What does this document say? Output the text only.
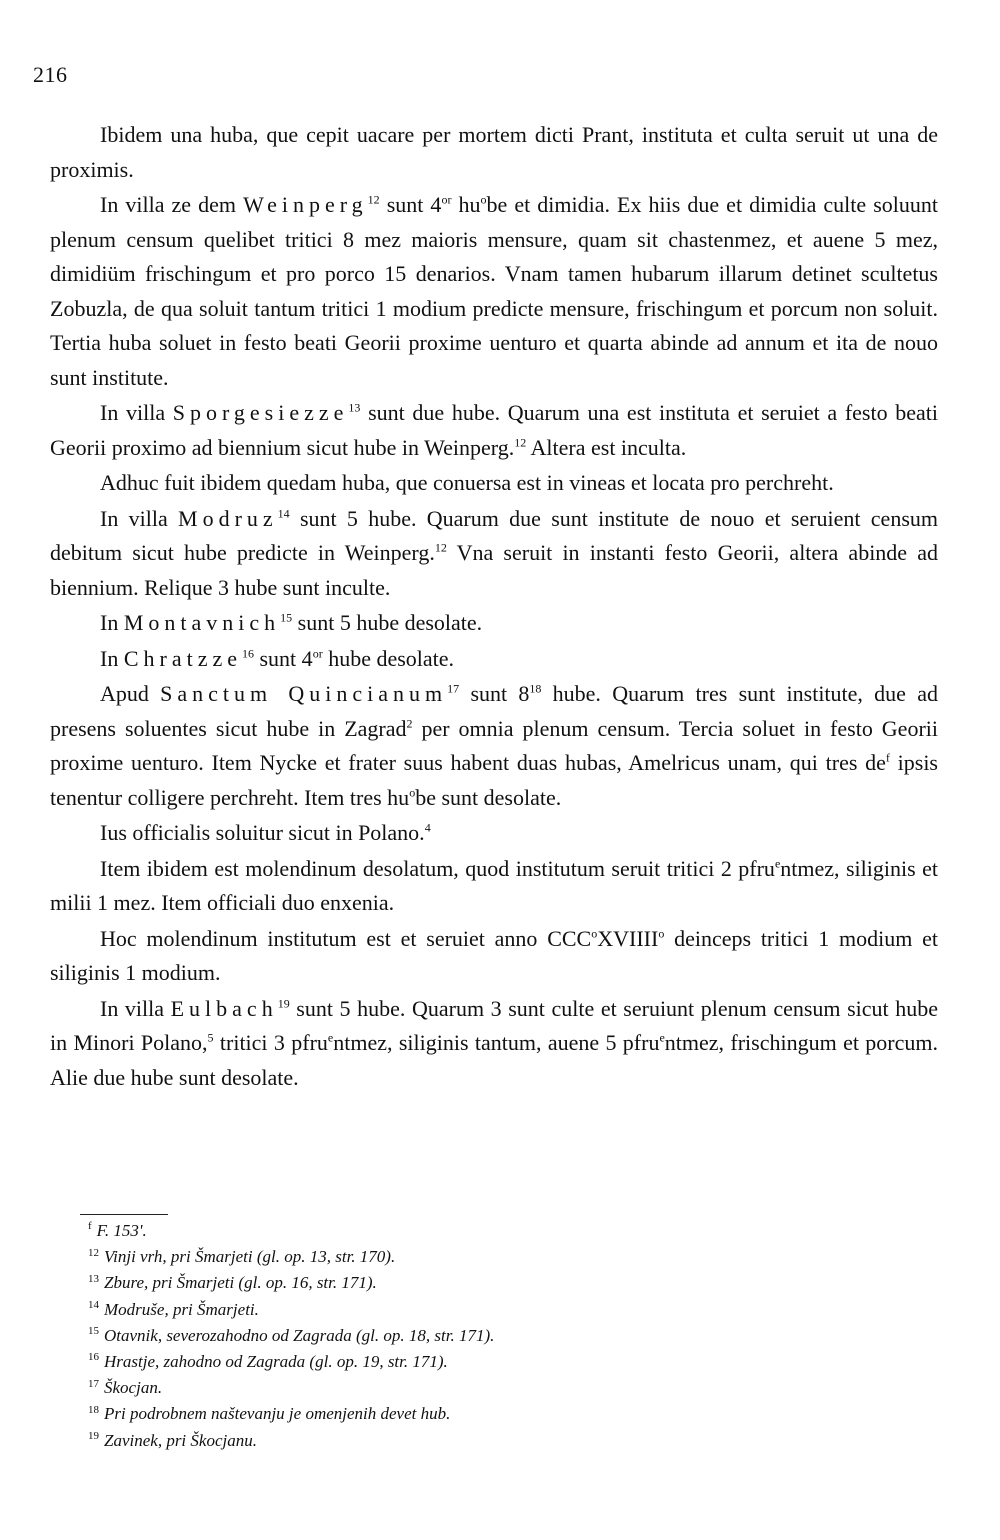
216

Ibidem una huba, que cepit uacare per mortem dicti Prant, instituta et culta seruit ut una de proximis.

In villa ze dem Weinperg$^{12}$ sunt $4^{or}$ $hu^obe$ et dimidia. Ex hiis due et dimidia culte soluunt plenum censum quelibet tritici 8 mez maioris mensure, quam sit chastenmez, et auene 5 mez, dimidiüm frischingum et pro porco 15 denarios. Vnam tamen hubarum illarum detinet scultetus Zobuzla, de qua soluit tantum tritici 1 modium predicte mensure, frischingum et porcum non soluit. Tertia huba soluet in festo beati Georii proxime uenturo et quarta abinde ad annum et ita de nouo sunt institute.

In villa Sporgesiezze$^{13}$ sunt due hube. Quarum una est instituta et seruiet a festo beati Georii proximo ad biennium sicut hube in Weinperg.$^{12}$ Altera est inculta.

Adhuc fuit ibidem quedam huba, que conuersa est in vineas et locata pro perchreht.

In villa Modruz$^{14}$ sunt 5 hube. Quarum due sunt institute de nouo et seruient censum debitum sicut hube predicte in Weinperg.$^{12}$ Vna seruit in instanti festo Georii, altera abinde ad biennium. Relique 3 hube sunt inculte.

In Montavnich$^{15}$ sunt 5 hube desolate.

In Chratzze$^{16}$ sunt $4^{or}$ hube desolate.

Apud Sanctum Quincianum$^{17}$ sunt $8^{18}$ hube. Quarum tres sunt institute, due ad presens soluentes sicut hube in Zagrad$^2$ per omnia plenum censum. Tercia soluet in festo Georii proxime uenturo. Item Nycke et frater suus habent duas hubas, Amelricus unam, qui tres $de^f$ ipsis tenentur colligere perchreht. Item tres $hu^obe$ sunt desolate.

Ius officialis soluitur sicut in Polano.$^4$

Item ibidem est molendinum desolatum, quod institutum seruit tritici 2 pfru$^e$ntmez, siliginis et milii 1 mez. Item officiali duo enxenia.

Hoc molendinum institutum est et seruiet anno CCC$^o$XVIIII$^o$ deinceps tritici 1 modium et siliginis 1 modium.

In villa Eulbach$^{19}$ sunt 5 hube. Quarum 3 sunt culte et seruiunt plenum censum sicut hube in Minori Polano,$^5$ tritici 3 pfru$^e$ntmez, siliginis tantum, auene 5 pfru$^e$ntmez, frischingum et porcum. Alie due hube sunt desolate.

$^f$ F. 153'.

$^{12}$ Vinji vrh, pri Šmarjeti (gl. op. 13, str. 170).

$^{13}$ Zbure, pri Šmarjeti (gl. op. 16, str. 171).

$^{14}$ Modruše, pri Šmarjeti.

$^{15}$ Otavnik, severozahodno od Zagrada (gl. op. 18, str. 171).

$^{16}$ Hrastje, zahodno od Zagrada (gl. op. 19, str. 171).

$^{17}$ Škocjan.

$^{18}$ Pri podrobnem naštevanju je omenjenih devet hub.

$^{19}$ Zavinek, pri Škocjanu.
